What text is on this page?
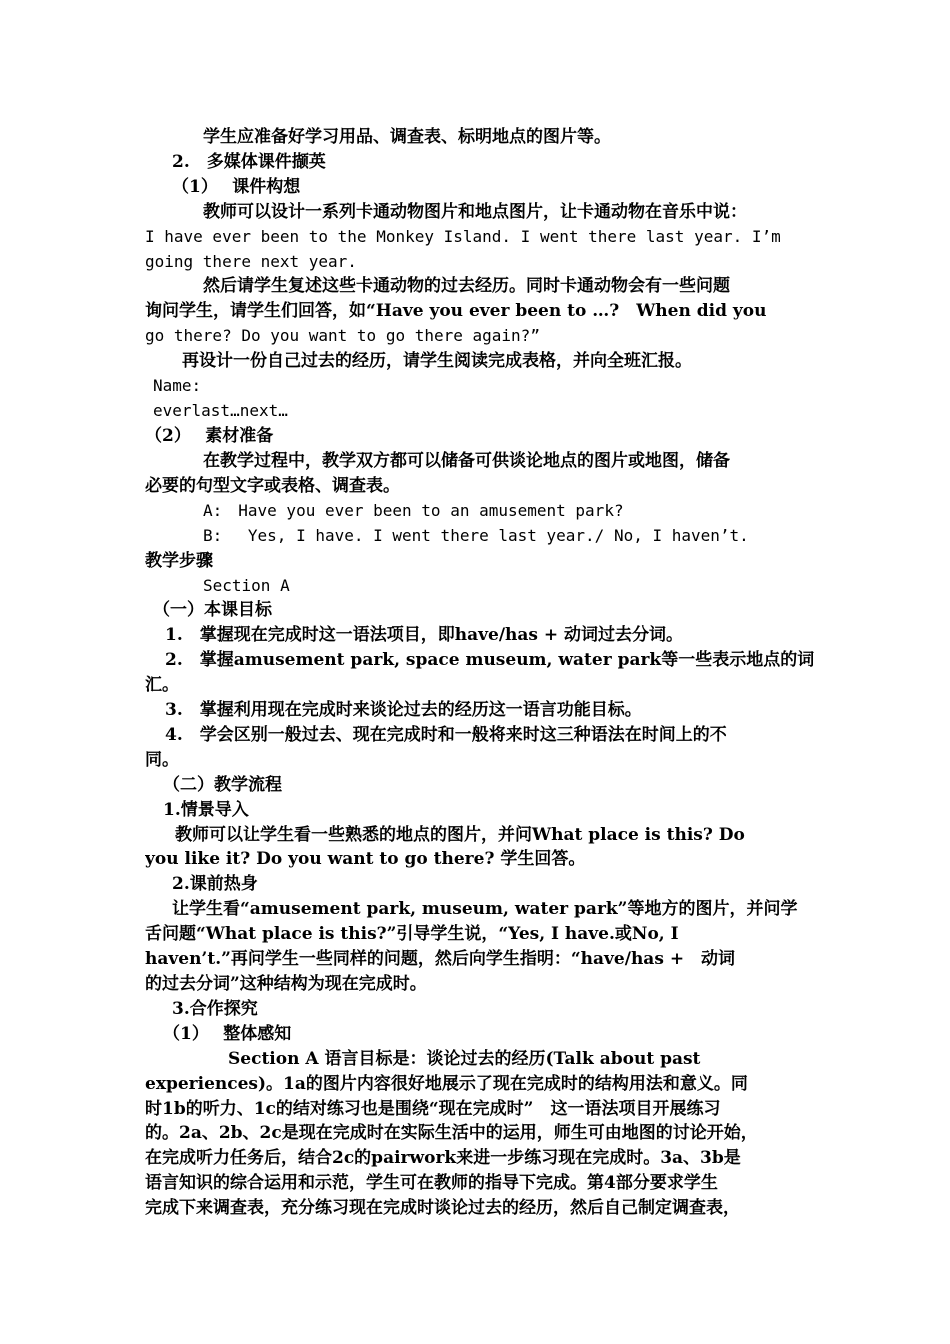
学生应准备好学习用品、调查表、标明地点的图片等。
2.　多媒体课件撷英
（1）　 课件构想
教师可以设计一系列卡通动物图片和地点图片，让卡通动物在音乐中说：
I have ever been to the Monkey Island. I went there last year. I’m
going there next year.
然后请学生复述这些卡通动物的过去经历。同时卡通动物会有一些问题
询问学生，请学生们回答，如“Have you ever been to …?　When did you
go there? Do you want to go there again?”
再设计一份自己过去的经历，请学生阅读完成表格，并向全班汇报。
Name:
everlast…next…
（2）　 素材准备
在教学过程中，教学双方都可以储备可供谈论地点的图片或地图，储备
必要的句型文字或表格、调查表。
A:　Have you ever been to an amusement park?
B:　 Yes, I have. I went there last year./ No, I haven’t.
教学步骤
Section A
（一）本课目标
1.　掌握现在完成时这一语法项目，即have/has + 动词过去分词。
2.　掌握amusement park, space museum, water park等一些表示地点的词
汇。
3.　掌握利用现在完成时来谈论过去的经历这一语言功能目标。
4.　学会区别一般过去、现在完成时和一般将来时这三种语法在时间上的不
同。
（二）教学流程
1.情景导入
教师可以让学生看一些熟悉的地点的图片，并问What place is this? Do
you like it? Do you want to go there? 学生回答。
2.课前热身
让学生看“amusement park, museum, water park”等地方的图片，并问学
舌问题“What place is this?”引导学生说，“Yes, I have.或No, I
haven’t.”再问学生一些同样的问题，然后向学生指明：“have/has +　动词
的过去分词”这种结构为现在完成时。
3.合作探究
（1）　 整体感知
Section A 语言目标是：谈论过去的经历(Talk about past
experiences)。1a的图片内容很好地展示了现在完成时的结构用法和意义。同
时1b的听力、1c的结对练习也是围绕“现在完成时”　这一语法项目开展练习
的。2a、2b、2c是现在完成时在实际生活中的运用，师生可由地图的讨论开始，
在完成听力任务后，结合2c的pairwork来进一步练习现在完成时。3a、3b是
语言知识的综合运用和示范，学生可在教师的指导下完成。第4部分要求学生
完成下来调查表，充分练习现在完成时谈论过去的经历，然后自己制定调查表，
